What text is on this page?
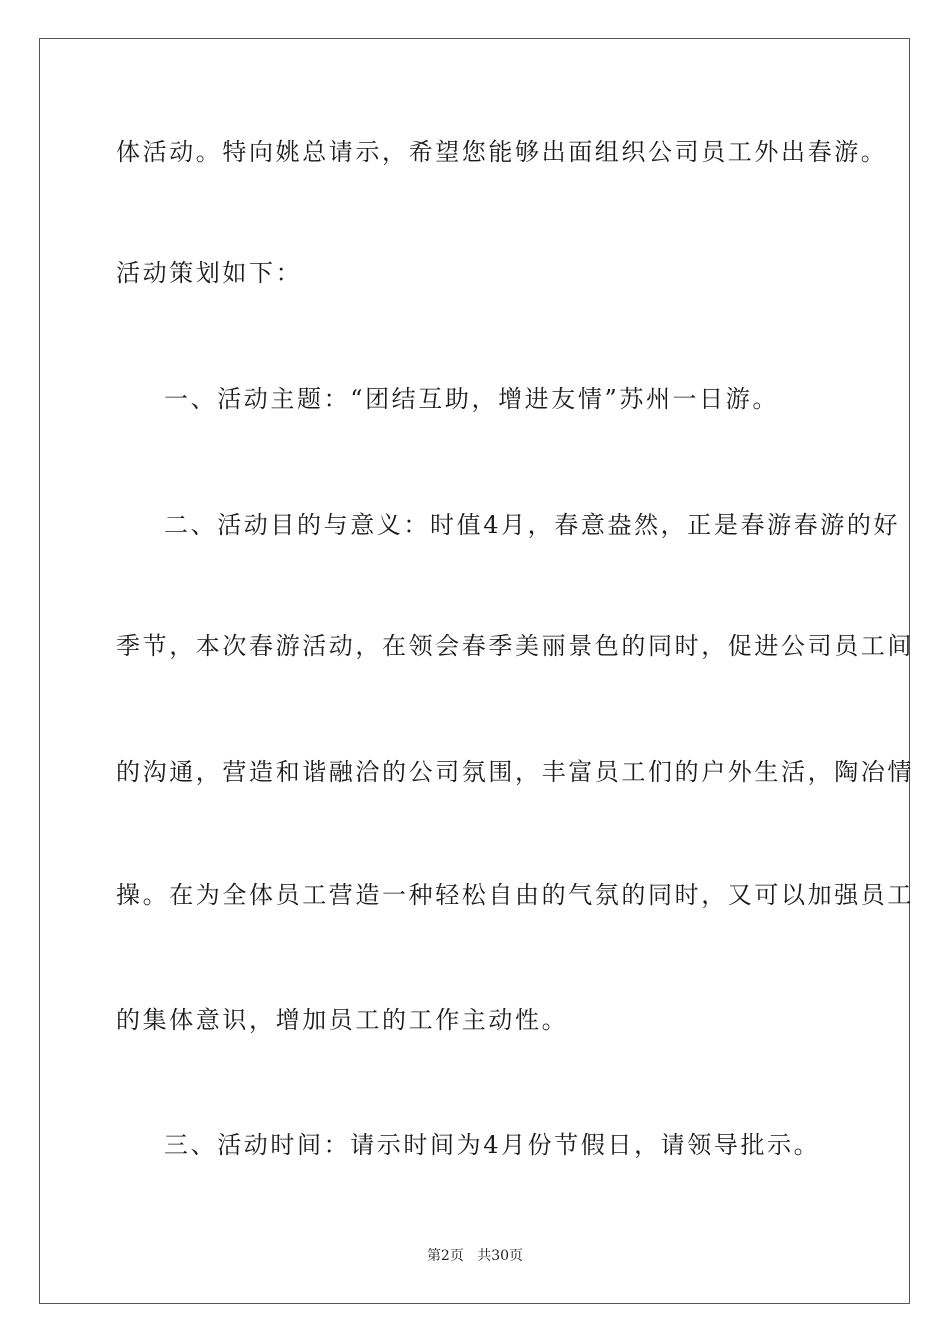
体活动。特向姚总请示，希望您能够出面组织公司员工外出春游。
活动策划如下：
一、活动主题：“团结互助，增进友情”苏州一日游。
二、活动目的与意义：时值4月，春意盎然，正是春游春游的好
季节，本次春游活动，在领会春季美丽景色的同时，促进公司员工间
的沟通，营造和谐融洽的公司氛围，丰富员工们的户外生活，陶冶情
操。在为全体员工营造一种轻松自由的气氛的同时，又可以加强员工
的集体意识，增加员工的工作主动性。
三、活动时间：请示时间为4月份节假日，请领导批示。
第2页 共30页
